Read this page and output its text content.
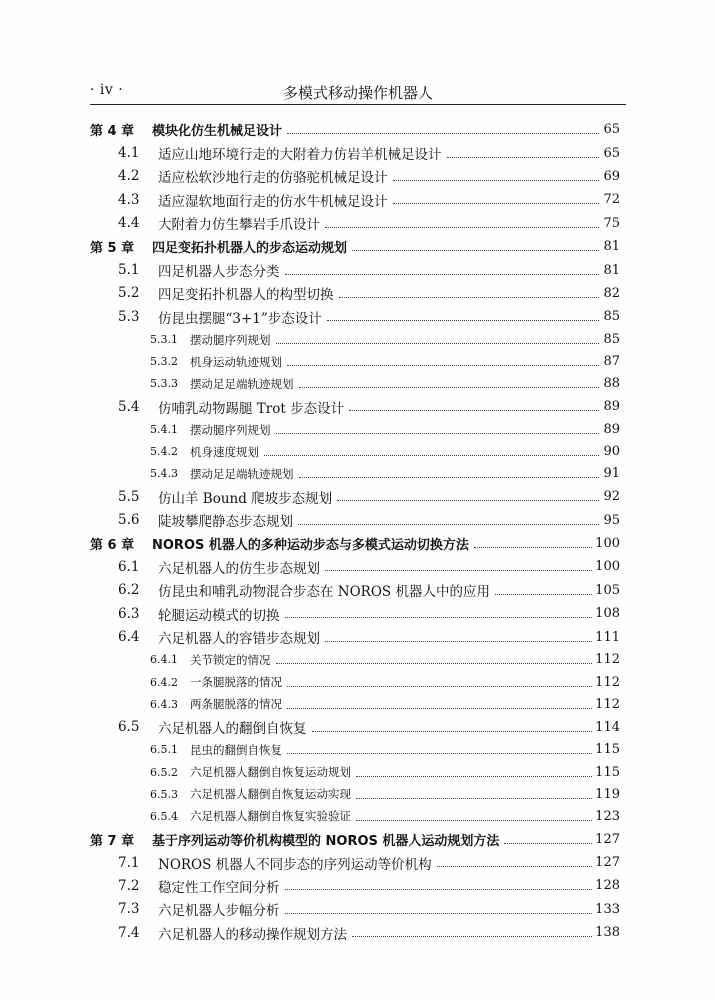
· iv ·	多模式移动操作机器人
第 4 章	模块化仿生机械足设计	65
4.1	适应山地环境行走的大附着力仿岩羊机械足设计	65
4.2	适应松软沙地行走的仿骆驼机械足设计	69
4.3	适应湿软地面行走的仿水牛机械足设计	72
4.4	大附着力仿生攀岩手爪设计	75
第 5 章	四足变拓扑机器人的步态运动规划	81
5.1	四足机器人步态分类	81
5.2	四足变拓扑机器人的构型切换	82
5.3	仿昆虫摆腿“3+1”步态设计	85
5.3.1	摆动腿序列规划	85
5.3.2	机身运动轨迹规划	87
5.3.3	摆动足足端轨迹规划	88
5.4	仿哺乳动物踢腿 Trot 步态设计	89
5.4.1	摆动腿序列规划	89
5.4.2	机身速度规划	90
5.4.3	摆动足足端轨迹规划	91
5.5	仿山羊 Bound 爬坡步态规划	92
5.6	陡坡攀爬静态步态规划	95
第 6 章	NOROS 机器人的多种运动步态与多模式运动切换方法	100
6.1	六足机器人的仿生步态规划	100
6.2	仿昆虫和哺乳动物混合步态在 NOROS 机器人中的应用	105
6.3	轮腿运动模式的切换	108
6.4	六足机器人的容错步态规划	111
6.4.1	关节锁定的情况	112
6.4.2	一条腿脱落的情况	112
6.4.3	两条腿脱落的情况	112
6.5	六足机器人的翻倒自恢复	114
6.5.1	昆虫的翻倒自恢复	115
6.5.2	六足机器人翻倒自恢复运动规划	115
6.5.3	六足机器人翻倒自恢复运动实现	119
6.5.4	六足机器人翻倒自恢复实验验证	123
第 7 章	基于序列运动等价机构模型的 NOROS 机器人运动规划方法	127
7.1	NOROS 机器人不同步态的序列运动等价机构	127
7.2	稳定性工作空间分析	128
7.3	六足机器人步幅分析	133
7.4	六足机器人的移动操作规划方法	138
